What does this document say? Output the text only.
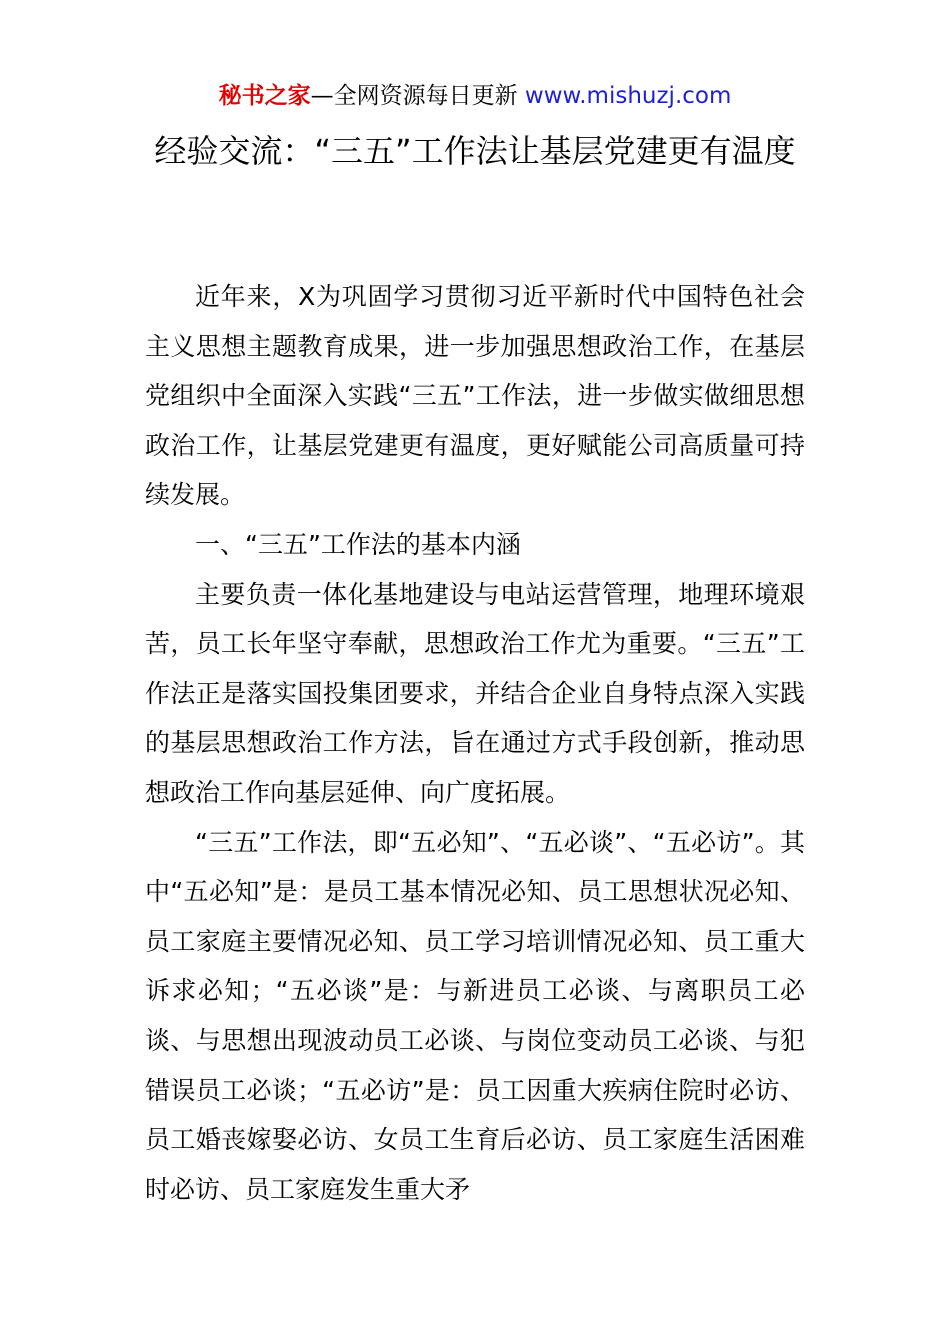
秘书之家—全网资源每日更新 www.mishuzj.com
经验交流：“三五”工作法让基层党建更有温度

近年来，X为巩固学习贯彻习近平新时代中国特色社会主义思想主题教育成果，进一步加强思想政治工作，在基层党组织中全面深入实践“三五”工作法，进一步做实做细思想政治工作，让基层党建更有温度，更好赋能公司高质量可持续发展。

一、“三五”工作法的基本内涵

主要负责一体化基地建设与电站运营管理，地理环境艰苦，员工长年坚守奉献，思想政治工作尤为重要。“三五”工作法正是落实国投集团要求，并结合企业自身特点深入实践的基层思想政治工作方法，旨在通过方式手段创新，推动思想政治工作向基层延伸、向广度拓展。

“三五”工作法，即“五必知”、“五必谈”、“五必访”。其中“五必知”是：是员工基本情况必知、员工思想状况必知、员工家庭主要情况必知、员工学习培训情况必知、员工重大诉求必知；“五必谈”是：与新进员工必谈、与离职员工必谈、与思想出现波动员工必谈、与岗位变动员工必谈、与犯错误员工必谈；“五必访”是：员工因重大疾病住院时必访、员工婚丧嫁娶必访、女员工生育后必访、员工家庭生活困难时必访、员工家庭发生重大矛
